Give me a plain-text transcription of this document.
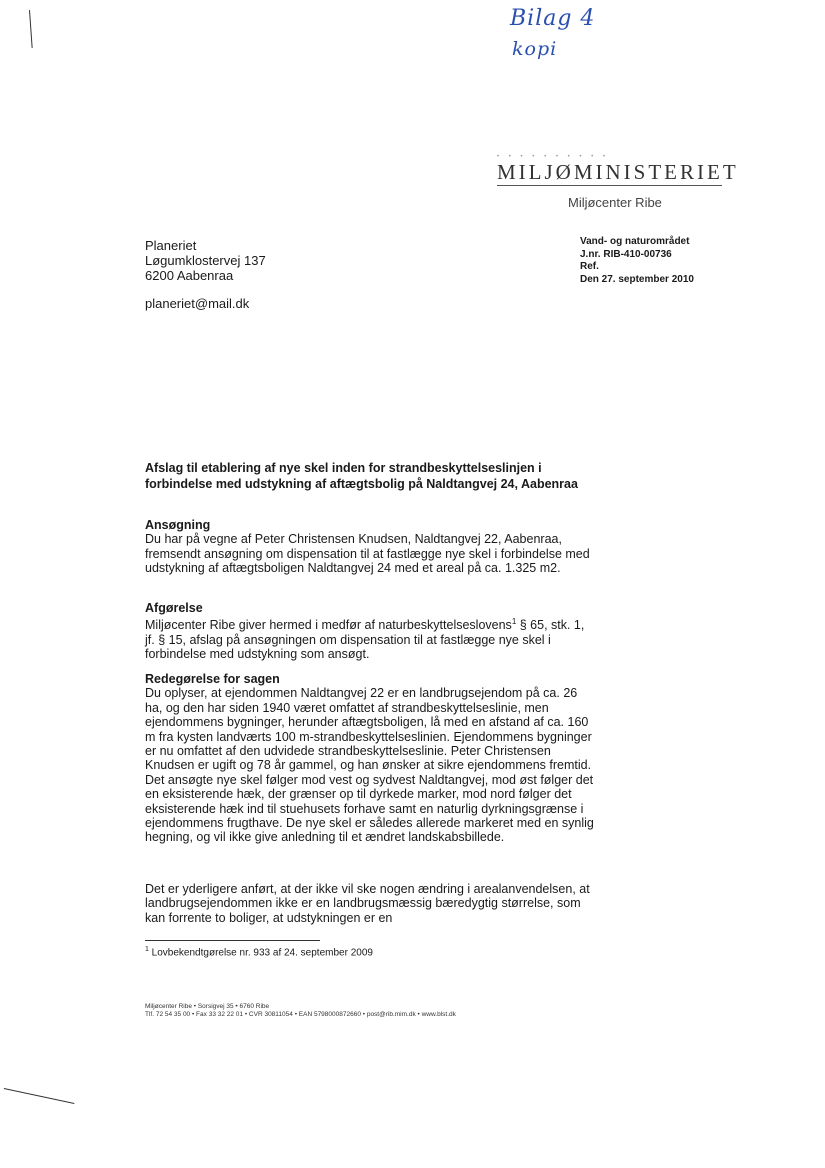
Bilag 4
kopi
• • • • • • • • • •
MILJØMINISTERIET
Miljøcenter Ribe
Planeriet
Løgumklostervej 137
6200 Aabenraa
planeriet@mail.dk
Vand- og naturområdet
J.nr. RIB-410-00736
Ref.
Den 27. september 2010
Afslag til etablering af nye skel inden for strandbeskyttelseslinjen i forbindelse med udstykning af aftægtsbolig på Naldtangvej 24, Aabenraa
Ansøgning

Du har på vegne af Peter Christensen Knudsen, Naldtangvej 22, Aabenraa, fremsendt ansøgning om dispensation til at fastlægge nye skel i forbindelse med udstykning af aftægtsboligen Naldtangvej 24 med et areal på ca. 1.325 m2.

Afgørelse

Miljøcenter Ribe giver hermed i medfør af naturbeskyttelseslovens$^1$ § 65, stk. 1, jf. § 15, afslag på ansøgningen om dispensation til at fastlægge nye skel i forbindelse med udstykning som ansøgt.

Redegørelse for sagen

Du oplyser, at ejendommen Naldtangvej 22 er en landbrugsejendom på ca. 26 ha, og den har siden 1940 været omfattet af strandbeskyttelseslinie, men ejendommens bygninger, herunder aftægtsboligen, lå med en afstand af ca. 160 m fra kysten landværts 100 m-strandbeskyttelseslinien. Ejendommens bygninger er nu omfattet af den udvidede strandbeskyttelseslinie. Peter Christensen Knudsen er ugift og 78 år gammel, og han ønsker at sikre ejendommens fremtid. Det ansøgte nye skel følger mod vest og sydvest Naldtangvej, mod øst følger det en eksisterende hæk, der grænser op til dyrkede marker, mod nord følger det eksisterende hæk ind til stuehusets forhave samt en naturlig dyrkningsgrænse i ejendommens frugthave. De nye skel er således allerede markeret med en synlig hegning, og vil ikke give anledning til et ændret landskabsbillede.

Det er yderligere anført, at der ikke vil ske nogen ændring i arealanvendelsen, at landbrugsejendommen ikke er en landbrugsmæssig bæredygtig størrelse, som kan forrente to boliger, at udstykningen er en
$^1$ Lovbekendtgørelse nr. 933 af 24. september 2009
Miljøcenter Ribe • Sorsigvej 35 • 6760 Ribe
Tlf. 72 54 35 00 • Fax 33 32 22 01 • CVR 30811054 • EAN 5798000872660 • post@rib.mim.dk • www.blst.dk
